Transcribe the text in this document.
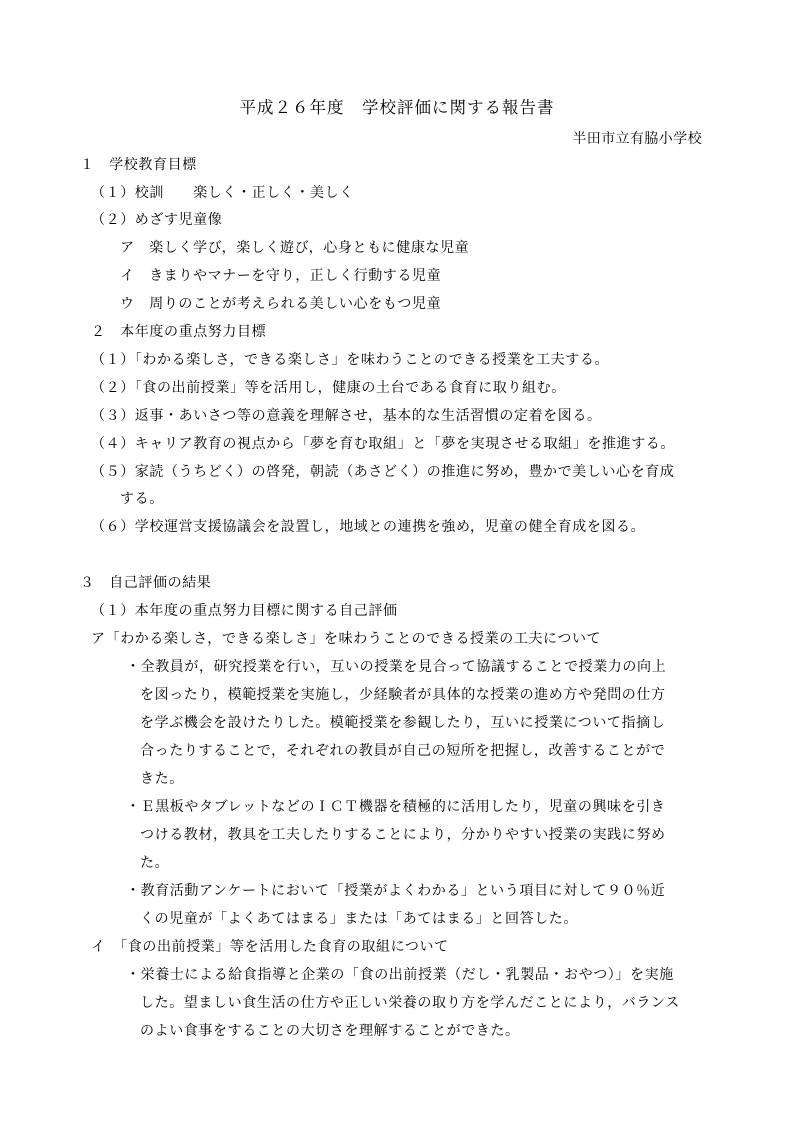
平成２６年度　学校評価に関する報告書
半田市立有脇小学校
１　学校教育目標
（１）校訓　　楽しく・正しく・美しく
（２）めざす児童像
ア　楽しく学び，楽しく遊び，心身ともに健康な児童
イ　きまりやマナーを守り，正しく行動する児童
ウ　周りのことが考えられる美しい心をもつ児童
２　本年度の重点努力目標
（１）「わかる楽しさ，できる楽しさ」を味わうことのできる授業を工夫する。
（２）「食の出前授業」等を活用し，健康の土台である食育に取り組む。
（３）返事・あいさつ等の意義を理解させ，基本的な生活習慣の定着を図る。
（４）キャリア教育の視点から「夢を育む取組」と「夢を実現させる取組」を推進する。
（５）家読（うちどく）の啓発，朝読（あさどく）の推進に努め，豊かで美しい心を育成
する。
（６）学校運営支援協議会を設置し，地域との連携を強め，児童の健全育成を図る。
３　自己評価の結果
（１）本年度の重点努力目標に関する自己評価
ア「わかる楽しさ，できる楽しさ」を味わうことのできる授業の工夫について
・全教員が，研究授業を行い，互いの授業を見合って協議することで授業力の向上
を図ったり，模範授業を実施し，少経験者が具体的な授業の進め方や発問の仕方
を学ぶ機会を設けたりした。模範授業を参観したり，互いに授業について指摘し
合ったりすることで，それぞれの教員が自己の短所を把握し，改善することがで
きた。
・Ｅ黒板やタブレットなどのＩＣＴ機器を積極的に活用したり，児童の興味を引き
つける教材，教具を工夫したりすることにより，分かりやすい授業の実践に努め
た。
・教育活動アンケートにおいて「授業がよくわかる」という項目に対して９０％近
くの児童が「よくあてはまる」または「あてはまる」と回答した。
イ　「食の出前授業」等を活用した食育の取組について
・栄養士による給食指導と企業の「食の出前授業（だし・乳製品・おやつ）」を実施
した。望ましい食生活の仕方や正しい栄養の取り方を学んだことにより，バランス
のよい食事をすることの大切さを理解することができた。
